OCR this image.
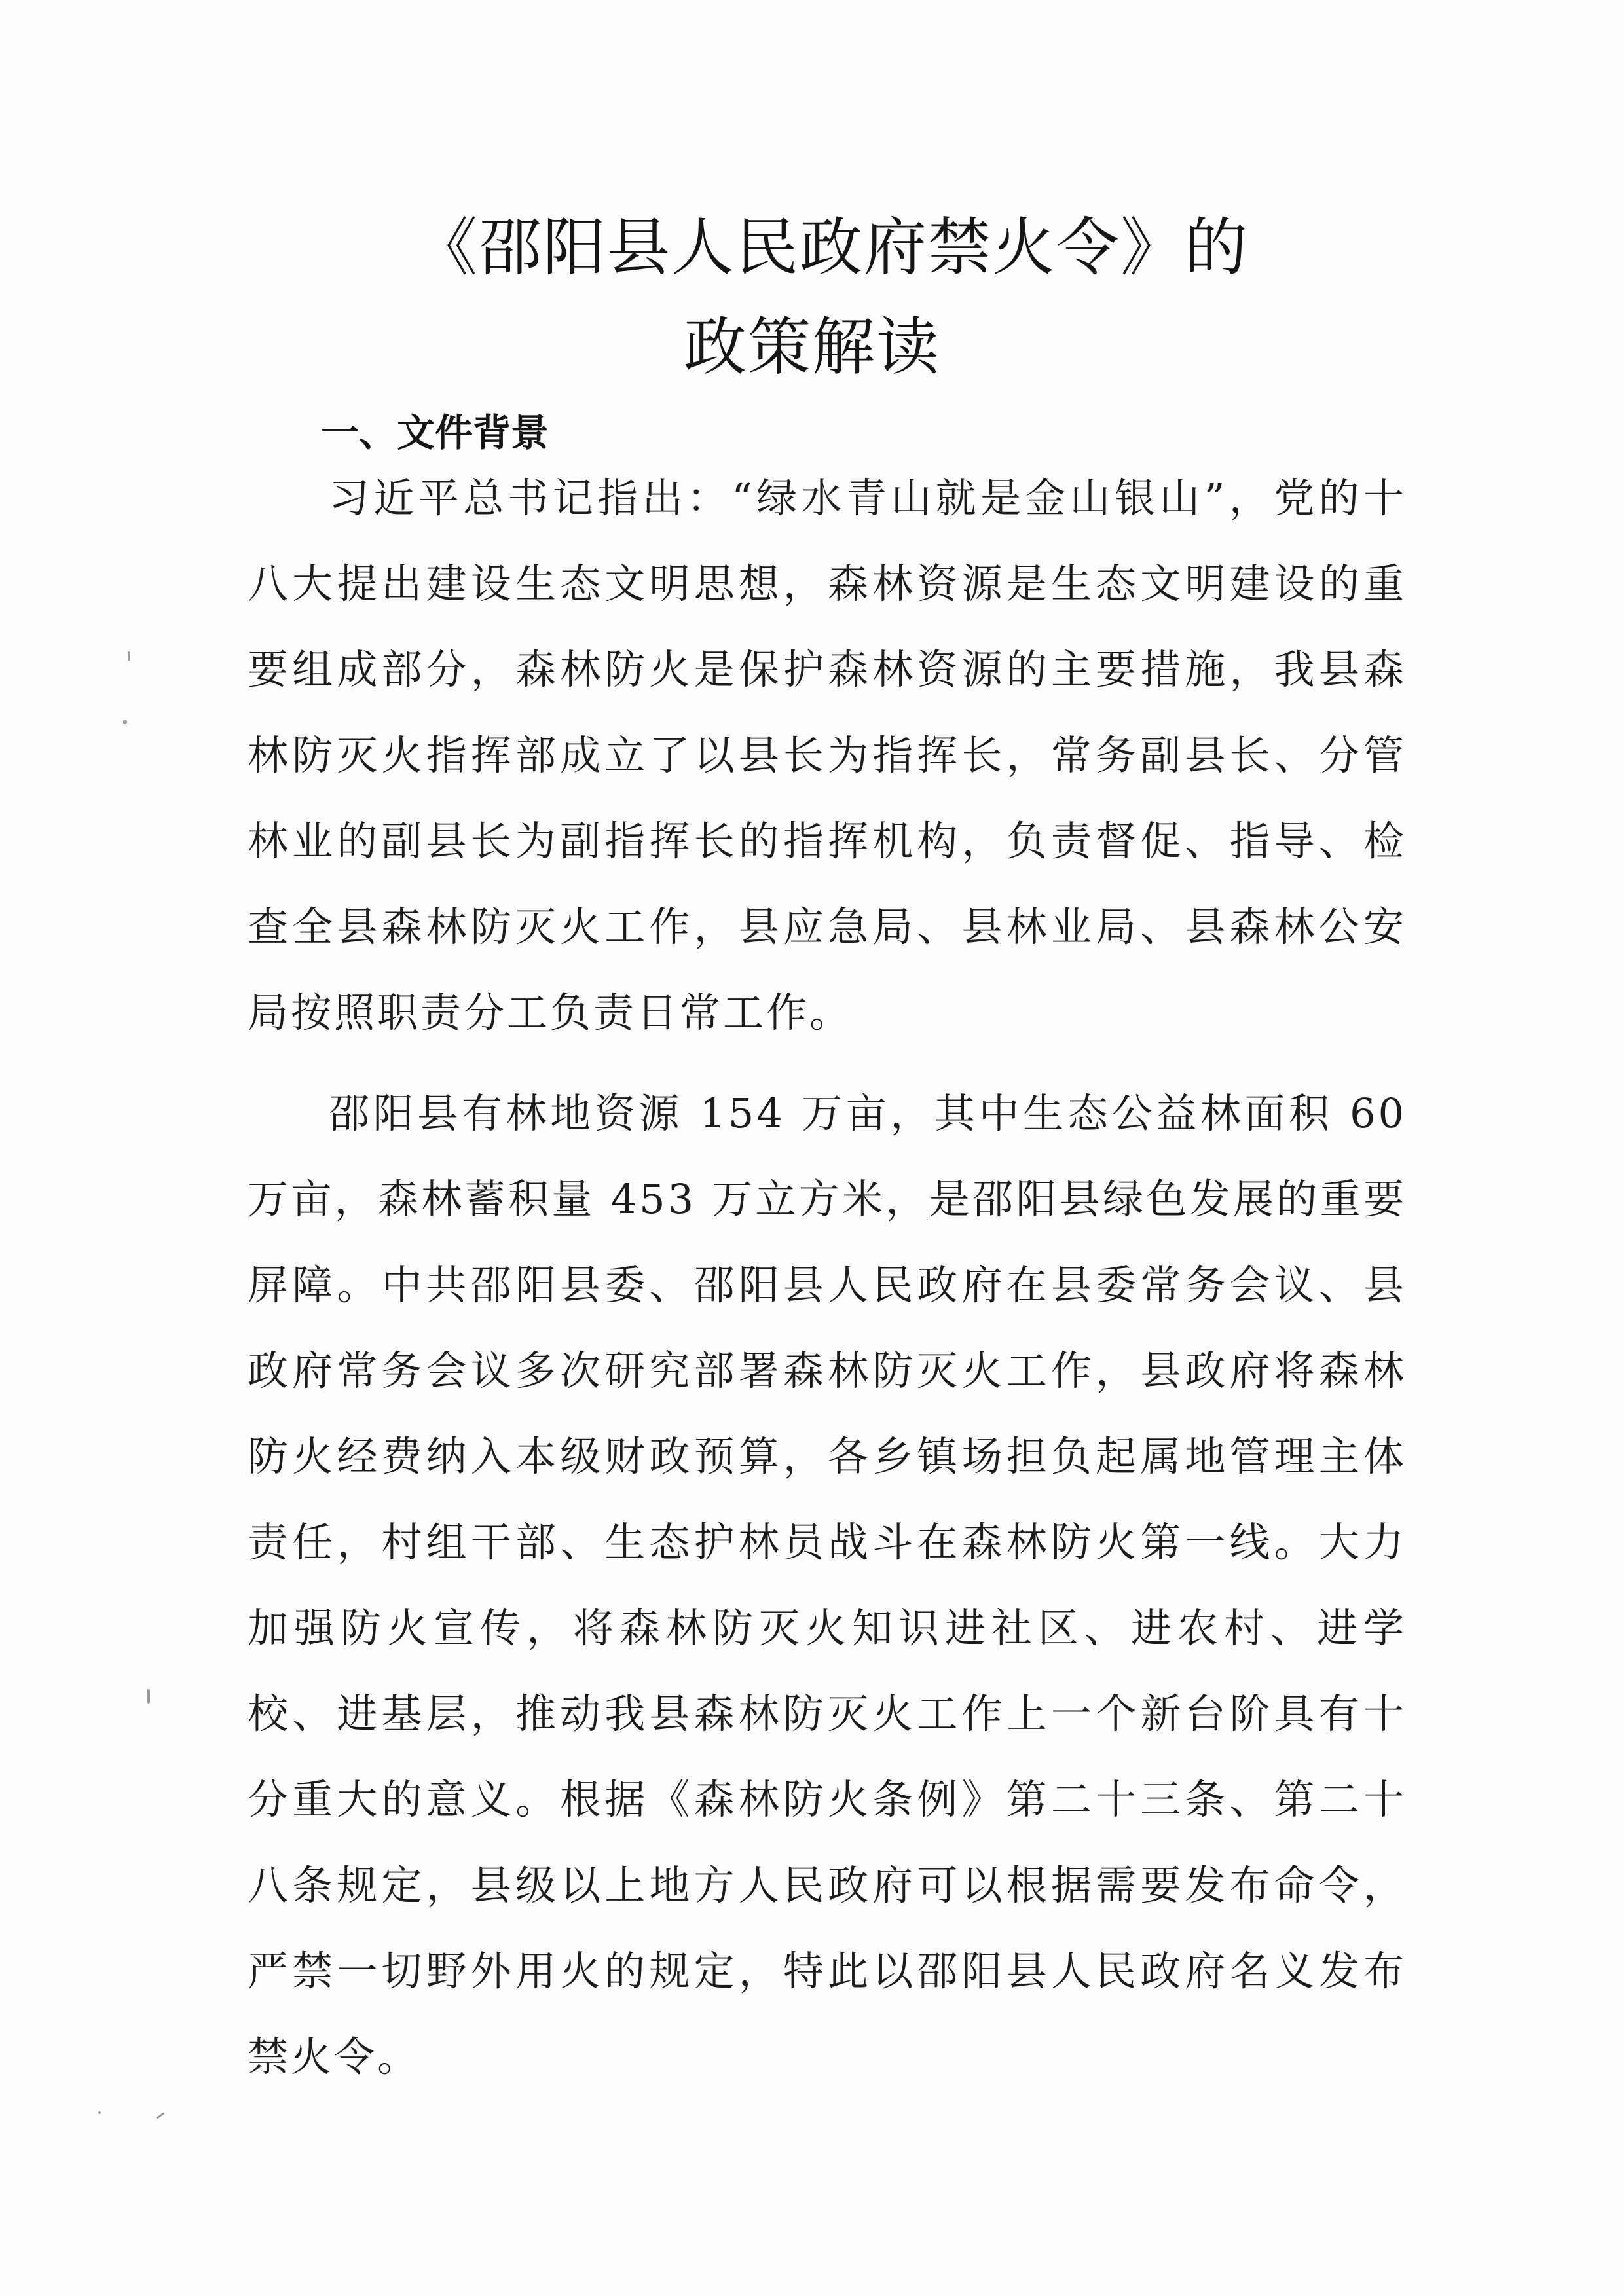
《邵阳县人民政府禁火令》的
政策解读
一、文件背景

习近平总书记指出：“绿水青山就是金山银山”，党的十八大提出建设生态文明思想，森林资源是生态文明建设的重要组成部分，森林防火是保护森林资源的主要措施，我县森林防灭火指挥部成立了以县长为指挥长，常务副县长、分管林业的副县长为副指挥长的指挥机构，负责督促、指导、检查全县森林防灭火工作，县应急局、县林业局、县森林公安局按照职责分工负责日常工作。

邵阳县有林地资源 154 万亩，其中生态公益林面积 60 万亩，森林蓄积量 453 万立方米，是邵阳县绿色发展的重要屏障。中共邵阳县委、邵阳县人民政府在县委常务会议、县政府常务会议多次研究部署森林防灭火工作，县政府将森林防火经费纳入本级财政预算，各乡镇场担负起属地管理主体责任，村组干部、生态护林员战斗在森林防火第一线。大力加强防火宣传，将森林防灭火知识进社区、进农村、进学校、进基层，推动我县森林防灭火工作上一个新台阶具有十分重大的意义。根据《森林防火条例》第二十三条、第二十八条规定，县级以上地方人民政府可以根据需要发布命令，严禁一切野外用火的规定，特此以邵阳县人民政府名义发布禁火令。
